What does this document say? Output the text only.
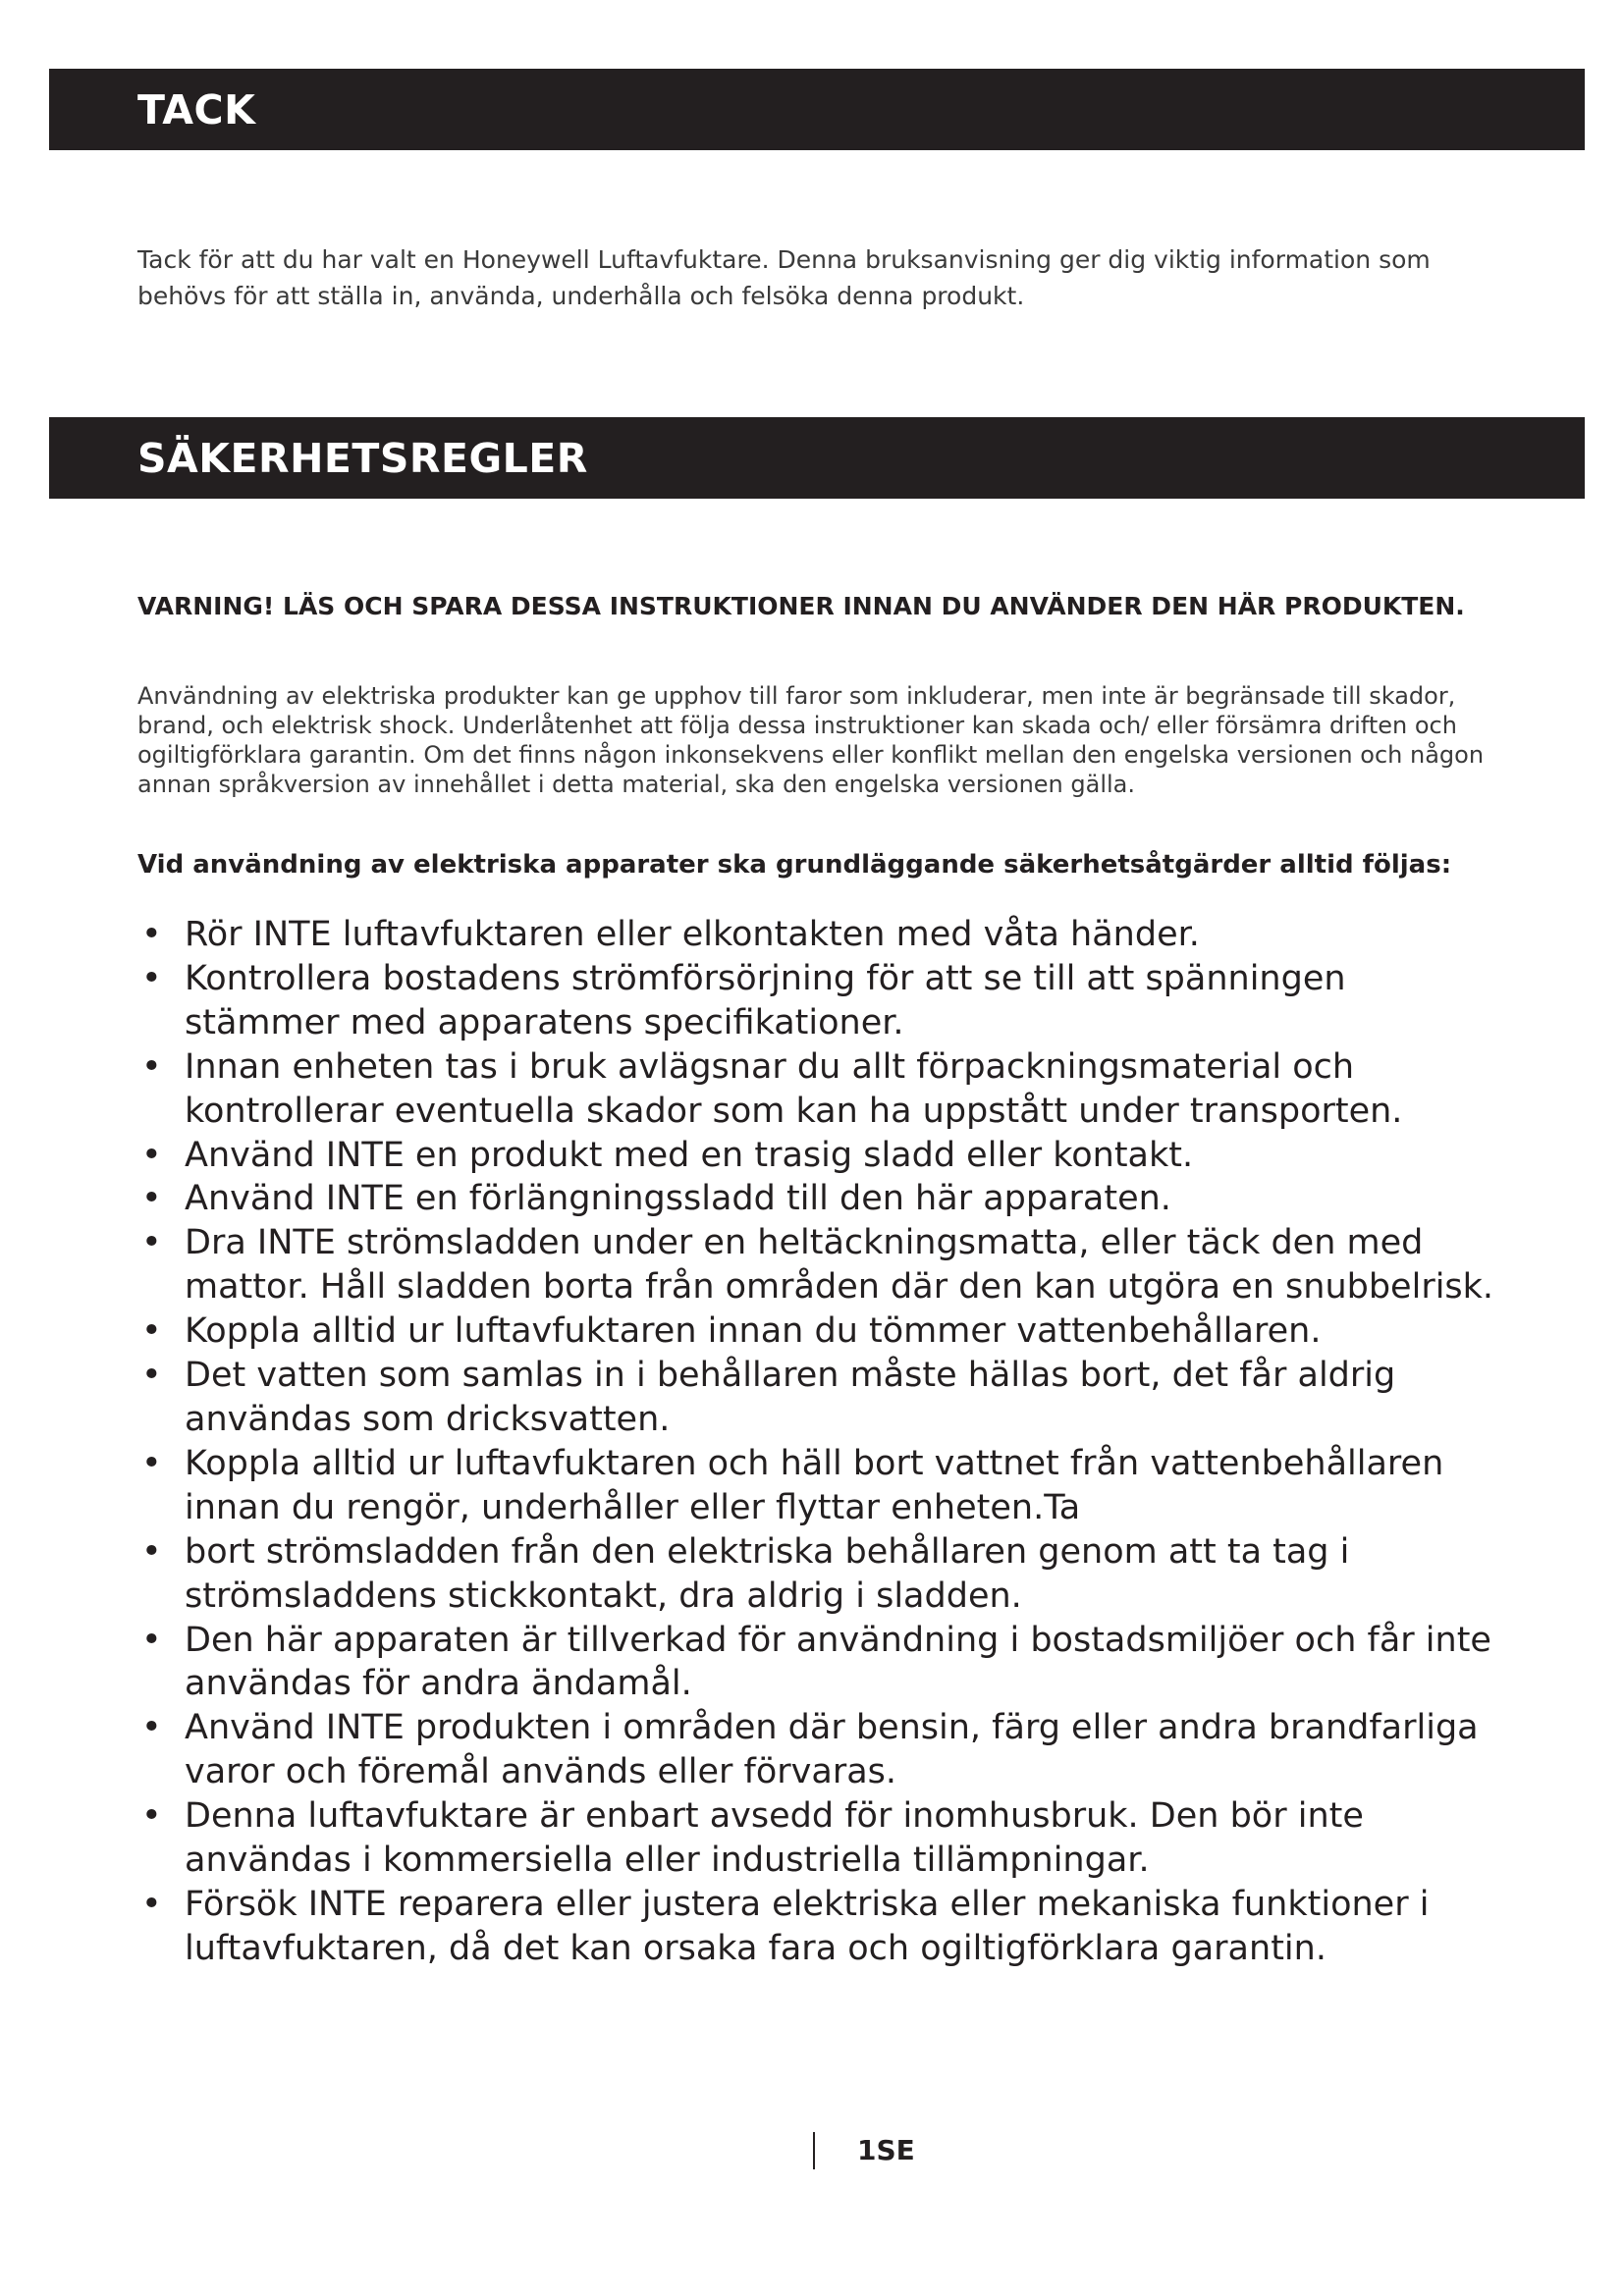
TACK

Tack för att du har valt en Honeywell Luftavfuktare. Denna bruksanvisning ger dig viktig information som behövs för att ställa in, använda, underhålla och felsöka denna produkt.

SÄKERHETSREGLER

VARNING! LÄS OCH SPARA DESSA INSTRUKTIONER INNAN DU ANVÄNDER DEN HÄR PRODUKTEN.

Användning av elektriska produkter kan ge upphov till faror som inkluderar, men inte är begränsade till skador, brand, och elektrisk shock. Underlåtenhet att följa dessa instruktioner kan skada och/ eller försämra driften och ogiltigförklara garantin. Om det finns någon inkonsekvens eller konflikt mellan den engelska versionen och någon annan språkversion av innehållet i detta material, ska den engelska versionen gälla.

Vid användning av elektriska apparater ska grundläggande säkerhetsåtgärder alltid följas:

• Rör INTE luftavfuktaren eller elkontakten med våta händer.
• Kontrollera bostadens strömförsörjning för att se till att spänningen stämmer med apparatens specifikationer.
• Innan enheten tas i bruk avlägsnar du allt förpackningsmaterial och kontrollerar eventuella skador som kan ha uppstått under transporten.
• Använd INTE en produkt med en trasig sladd eller kontakt.
• Använd INTE en förlängningssladd till den här apparaten.
• Dra INTE strömsladden under en heltäckningsmatta, eller täck den med mattor. Håll sladden borta från områden där den kan utgöra en snubbelrisk.
• Koppla alltid ur luftavfuktaren innan du tömmer vattenbehållaren.
• Det vatten som samlas in i behållaren måste hällas bort, det får aldrig användas som dricksvatten.
• Koppla alltid ur luftavfuktaren och häll bort vattnet från vattenbehållaren innan du rengör, underhåller eller flyttar enheten.Ta
• bort strömsladden från den elektriska behållaren genom att ta tag i strömsladdens stickkontakt, dra aldrig i sladden.
• Den här apparaten är tillverkad för användning i bostadsmiljöer och får inte användas för andra ändamål.
• Använd INTE produkten i områden där bensin, färg eller andra brandfarliga varor och föremål används eller förvaras.
• Denna luftavfuktare är enbart avsedd för inomhusbruk. Den bör inte användas i kommersiella eller industriella tillämpningar.
• Försök INTE reparera eller justera elektriska eller mekaniska funktioner i luftavfuktaren, då det kan orsaka fara och ogiltigförklara garantin.

1SE
